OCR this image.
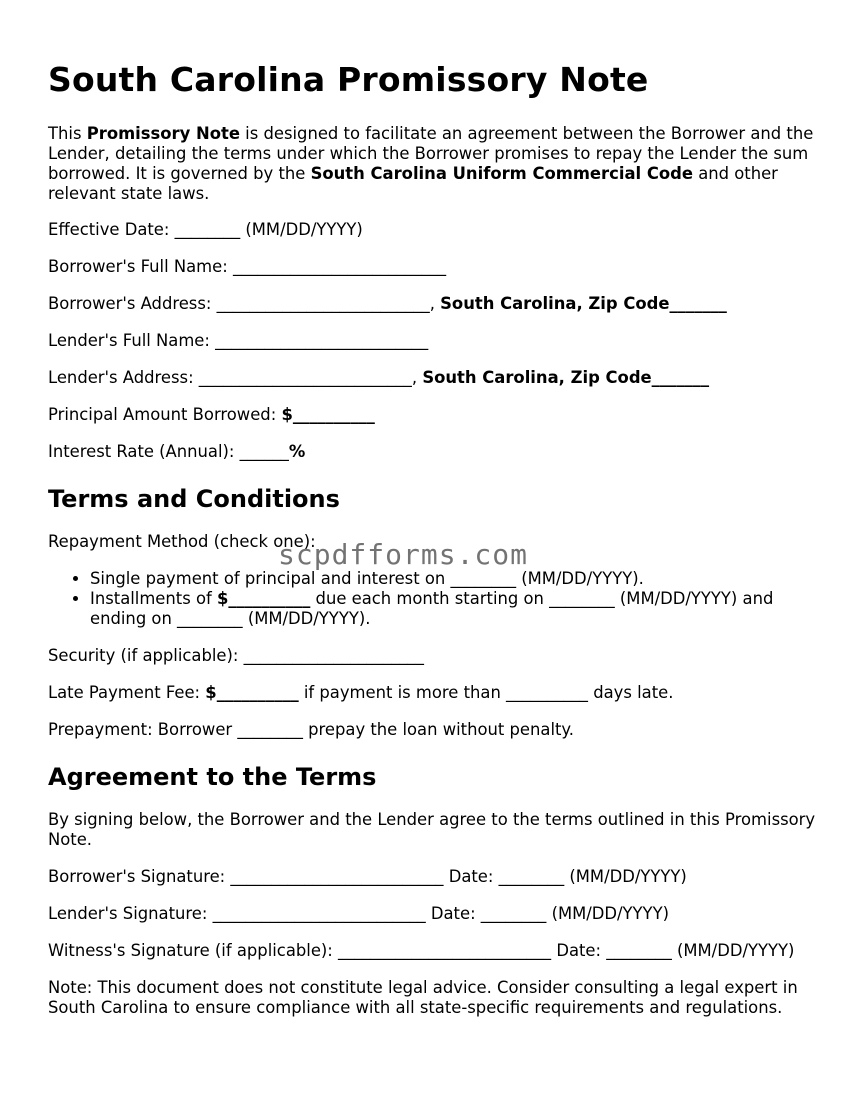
South Carolina Promissory Note

This Promissory Note is designed to facilitate an agreement between the Borrower and the Lender, detailing the terms under which the Borrower promises to repay the Lender the sum borrowed. It is governed by the South Carolina Uniform Commercial Code and other relevant state laws.

Effective Date: ________ (MM/DD/YYYY)

Borrower's Full Name: __________________________

Borrower's Address: __________________________, South Carolina, Zip Code_______

Lender's Full Name: __________________________

Lender's Address: __________________________, South Carolina, Zip Code_______

Principal Amount Borrowed: $__________

Interest Rate (Annual): ______%

Terms and Conditions

Repayment Method (check one):

• Single payment of principal and interest on ________ (MM/DD/YYYY).
• Installments of $__________ due each month starting on ________ (MM/DD/YYYY) and ending on ________ (MM/DD/YYYY).

Security (if applicable): ______________________

Late Payment Fee: $__________ if payment is more than __________ days late.

Prepayment: Borrower ________ prepay the loan without penalty.

Agreement to the Terms

By signing below, the Borrower and the Lender agree to the terms outlined in this Promissory Note.

Borrower's Signature: __________________________ Date: ________ (MM/DD/YYYY)

Lender's Signature: __________________________ Date: ________ (MM/DD/YYYY)

Witness's Signature (if applicable): __________________________ Date: ________ (MM/DD/YYYY)

Note: This document does not constitute legal advice. Consider consulting a legal expert in South Carolina to ensure compliance with all state-specific requirements and regulations.

scpdfforms.com
